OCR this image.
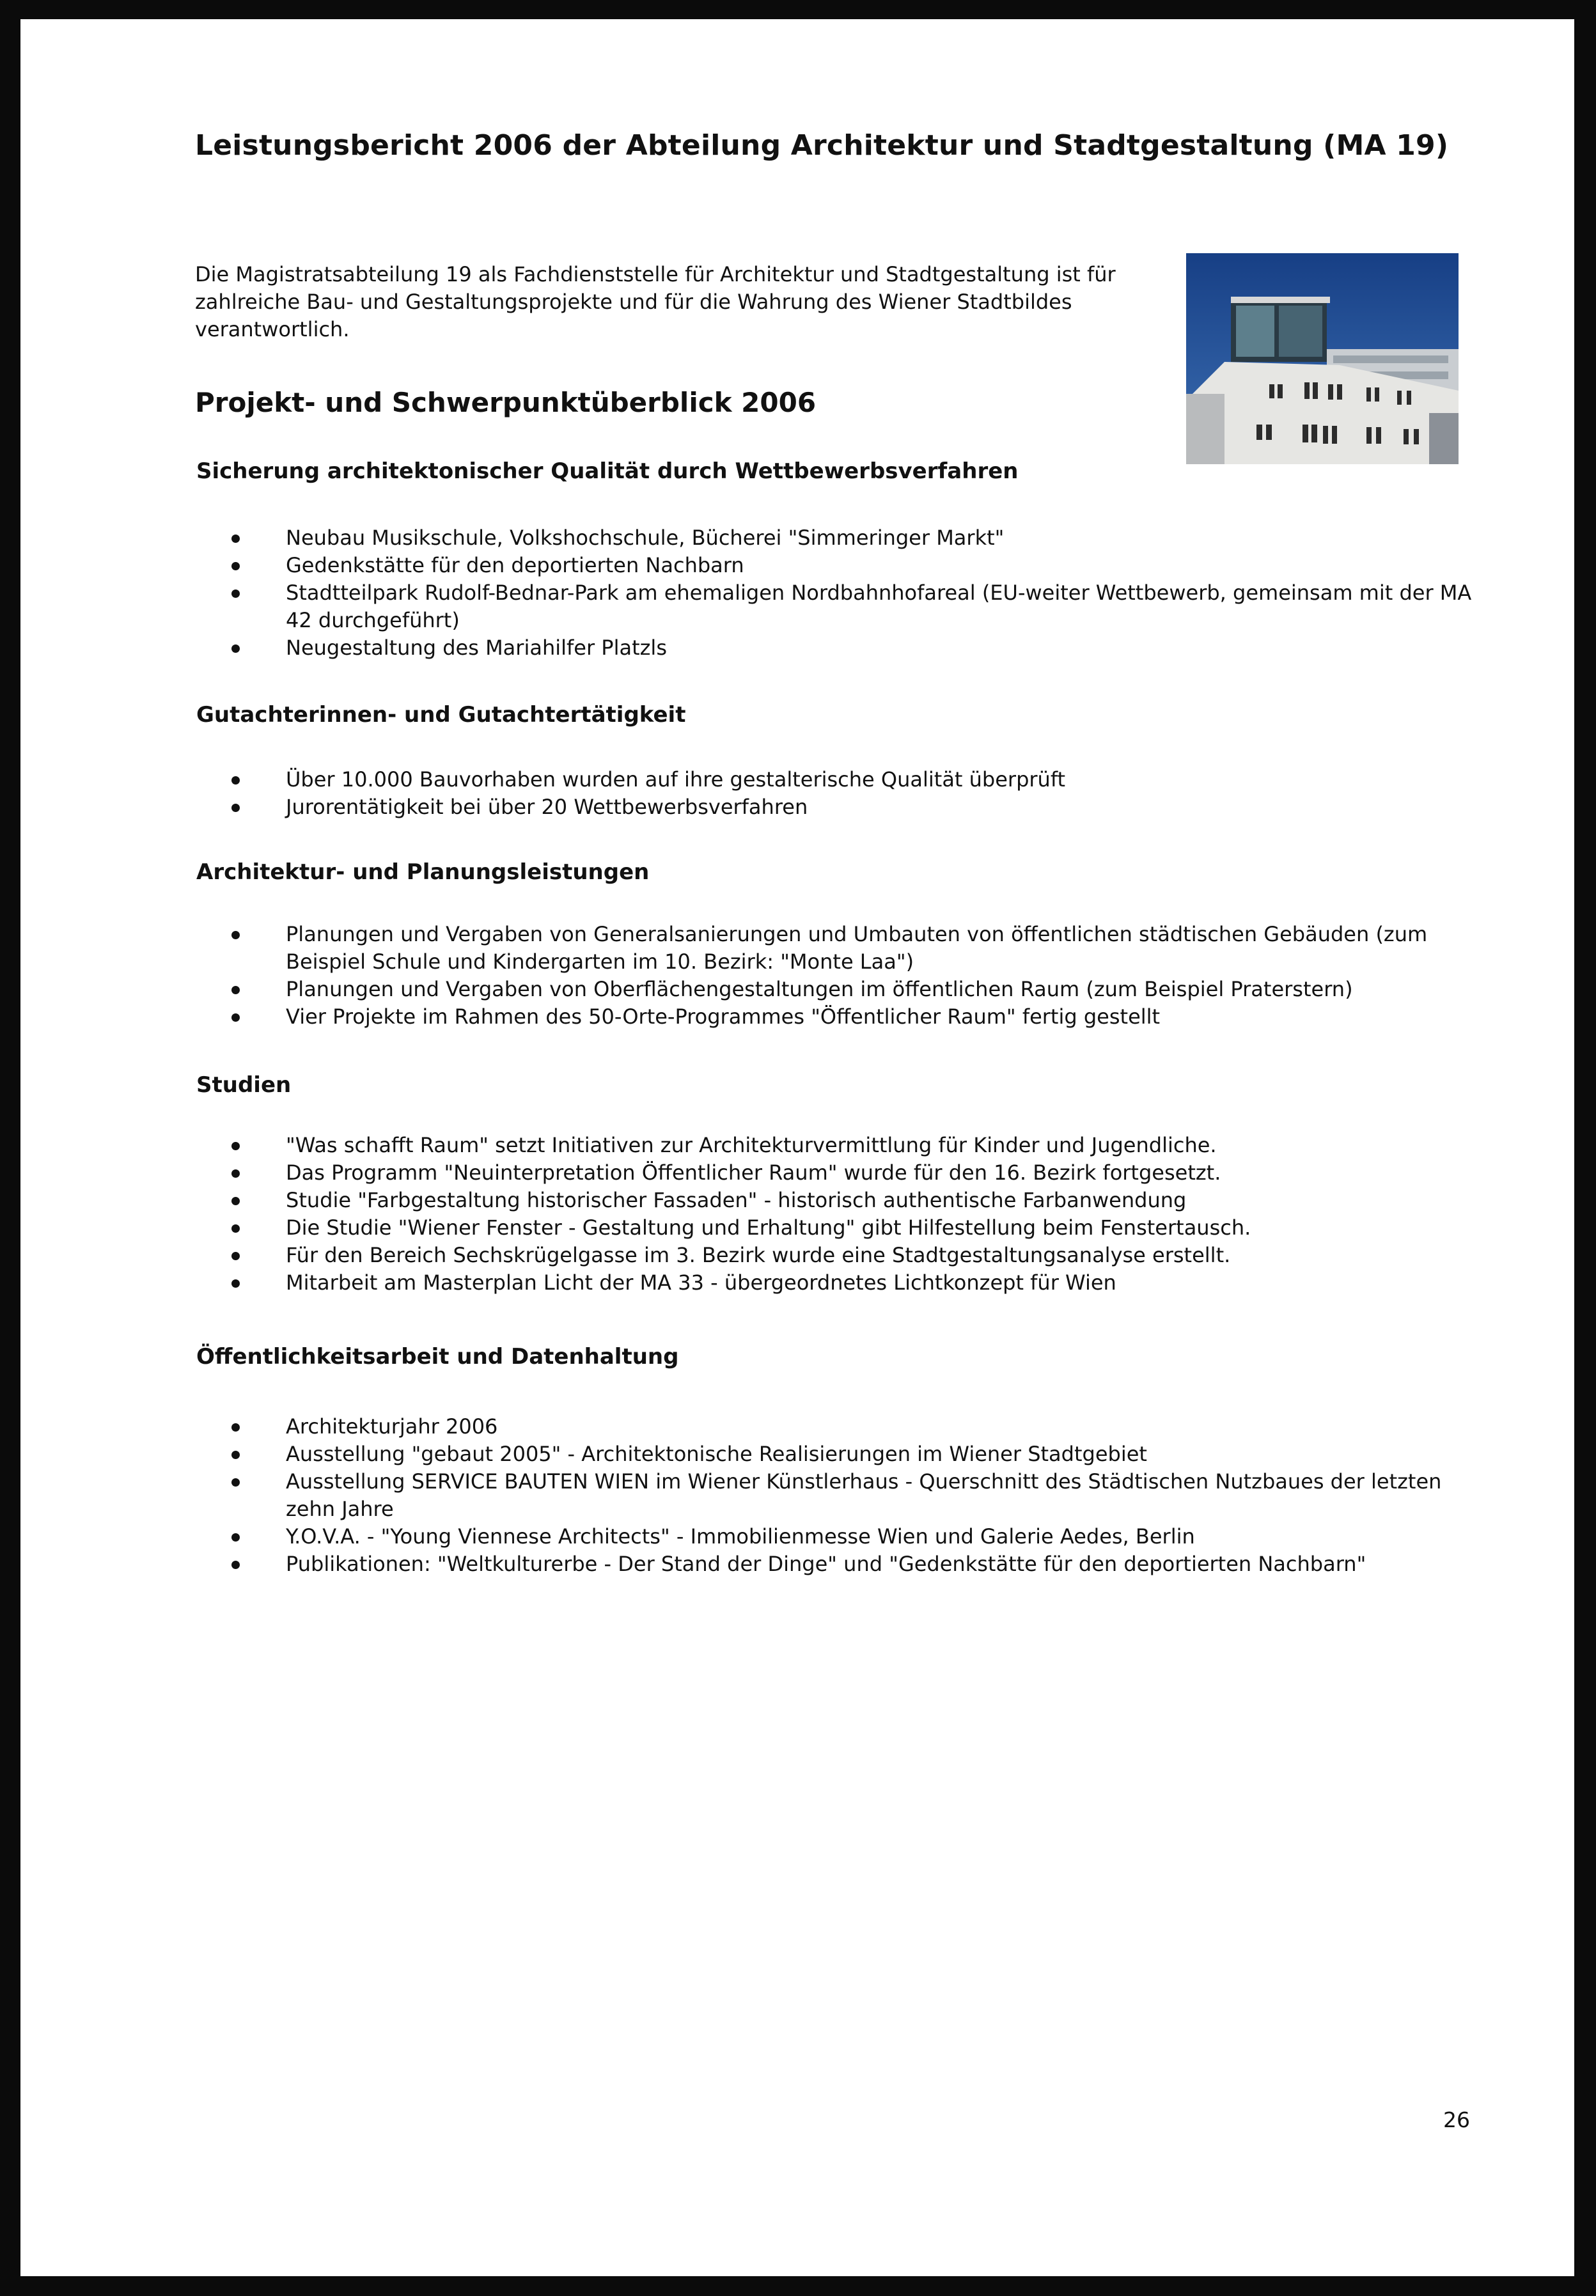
Leistungsbericht 2006 der Abteilung Architektur und Stadtgestaltung (MA 19)

Die Magistratsabteilung 19 als Fachdienststelle für Architektur und Stadtgestaltung ist für zahlreiche Bau- und Gestaltungsprojekte und für die Wahrung des Wiener Stadtbildes verantwortlich.

Projekt- und Schwerpunktüberblick 2006
Sicherung architektonischer Qualität durch Wettbewerbsverfahren
Neubau Musikschule, Volkshochschule, Bücherei "Simmeringer Markt"
Gedenkstätte für den deportierten Nachbarn
Stadtteilpark Rudolf-Bednar-Park am ehemaligen Nordbahnhofareal (EU-weiter Wettbewerb, gemeinsam mit der MA 42 durchgeführt)
Neugestaltung des Mariahilfer Platzls
Gutachterinnen- und Gutachtertätigkeit
Über 10.000 Bauvorhaben wurden auf ihre gestalterische Qualität überprüft
Jurorentätigkeit bei über 20 Wettbewerbsverfahren
Architektur- und Planungsleistungen
Planungen und Vergaben von Generalsanierungen und Umbauten von öffentlichen städtischen Gebäuden (zum Beispiel Schule und Kindergarten im 10. Bezirk: "Monte Laa")
Planungen und Vergaben von Oberflächengestaltungen im öffentlichen Raum (zum Beispiel Praterstern)
Vier Projekte im Rahmen des 50-Orte-Programmes "Öffentlicher Raum" fertig gestellt
Studien
"Was schafft Raum" setzt Initiativen zur Architekturvermittlung für Kinder und Jugendliche.
Das Programm "Neuinterpretation Öffentlicher Raum" wurde für den 16. Bezirk fortgesetzt.
Studie "Farbgestaltung historischer Fassaden" - historisch authentische Farbanwendung
Die Studie "Wiener Fenster - Gestaltung und Erhaltung" gibt Hilfestellung beim Fenstertausch.
Für den Bereich Sechskrügelgasse im 3. Bezirk wurde eine Stadtgestaltungsanalyse erstellt.
Mitarbeit am Masterplan Licht der MA 33 - übergeordnetes Lichtkonzept für Wien
Öffentlichkeitsarbeit und Datenhaltung
Architekturjahr 2006
Ausstellung "gebaut 2005" - Architektonische Realisierungen im Wiener Stadtgebiet
Ausstellung SERVICE BAUTEN WIEN im Wiener Künstlerhaus - Querschnitt des Städtischen Nutzbaues der letzten zehn Jahre
Y.O.V.A. - "Young Viennese Architects" - Immobilienmesse Wien und Galerie Aedes, Berlin
Publikationen: "Weltkulturerbe - Der Stand der Dinge" und "Gedenkstätte für den deportierten Nachbarn"

26
